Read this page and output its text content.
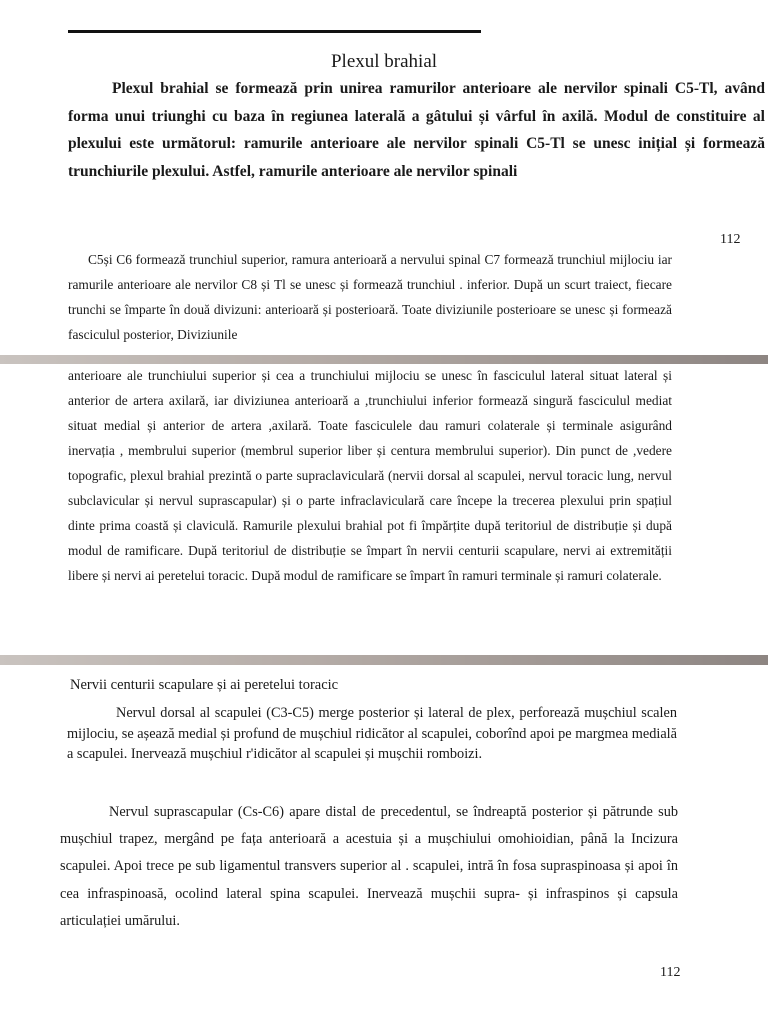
Plexul brahial

Plexul brahial se formează prin unirea ramurilor anterioare ale nervilor spinali C5-Tl, având forma unui triunghi cu baza în regiunea laterală a gâtului și vârful în axilă. Modul de constituire al plexului este următorul: ramurile anterioare ale nervilor spinali C5-Tl se unesc inițial și formează trunchiurile plexului. Astfel, ramurile anterioare ale nervilor spinali

112

C5și C6 formează trunchiul superior, ramura anterioară a nervului spinal C7 formează trunchiul mijlociu iar ramurile anterioare ale nervilor C8 și Tl se unesc și formează trunchiul . inferior. După un scurt traiect, fiecare trunchi se împarte în două divizuni: anterioară și posterioară. Toate diviziunile posterioare se unesc și formează fasciculul posterior, Diviziunile

anterioare ale trunchiului superior și cea a trunchiului mijlociu se unesc în fasciculul lateral situat lateral și anterior de artera axilară, iar diviziunea anterioară a ,trunchiului inferior formează singură fasciculul mediat situat medial și anterior de artera ,axilară. Toate fasciculele dau ramuri colaterale și terminale asigurând inervația , membrului superior (membrul superior liber și centura membrului superior). Din punct de ,vedere topografic, plexul brahial prezintă o parte supraclaviculară (nervii dorsal al scapulei, nervul toracic lung, nervul subclavicular și nervul suprascapular) și o parte infraclaviculară care începe la trecerea plexului prin spațiul dinte prima coastă și claviculă. Ramurile plexului brahial pot fi împărțite după teritoriul de distribuție și după modul de ramificare. După teritoriul de distribuție se împart în nervii centurii scapulare, nervi ai extremității libere și nervi ai peretelui toracic. După modul de ramificare se împart în ramuri terminale și ramuri colaterale.

Nervii centurii scapulare și ai peretelui toracic

Nervul dorsal al scapulei (C3-C5) merge posterior și lateral de plex, perforează mușchiul scalen mijlociu, se așează medial și profund de mușchiul ridicător al scapulei, coborînd apoi pe margmea medială a scapulei. Inervează mușchiul r'idicător al scapulei și mușchii romboizi.

Nervul suprascapular (Cs-C6) apare distal de precedentul, se îndreaptă posterior și pătrunde sub mușchiul trapez, mergând pe fața anterioară a acestuia și a mușchiului omohioidian, până la Incizura scapulei. Apoi trece pe sub ligamentul transvers superior al . scapulei, intră în fosa supraspinoasa și apoi în cea infraspinoasă, ocolind lateral spina scapulei. Inervează mușchii supra- și infraspinos și capsula articulației umărului.

112
